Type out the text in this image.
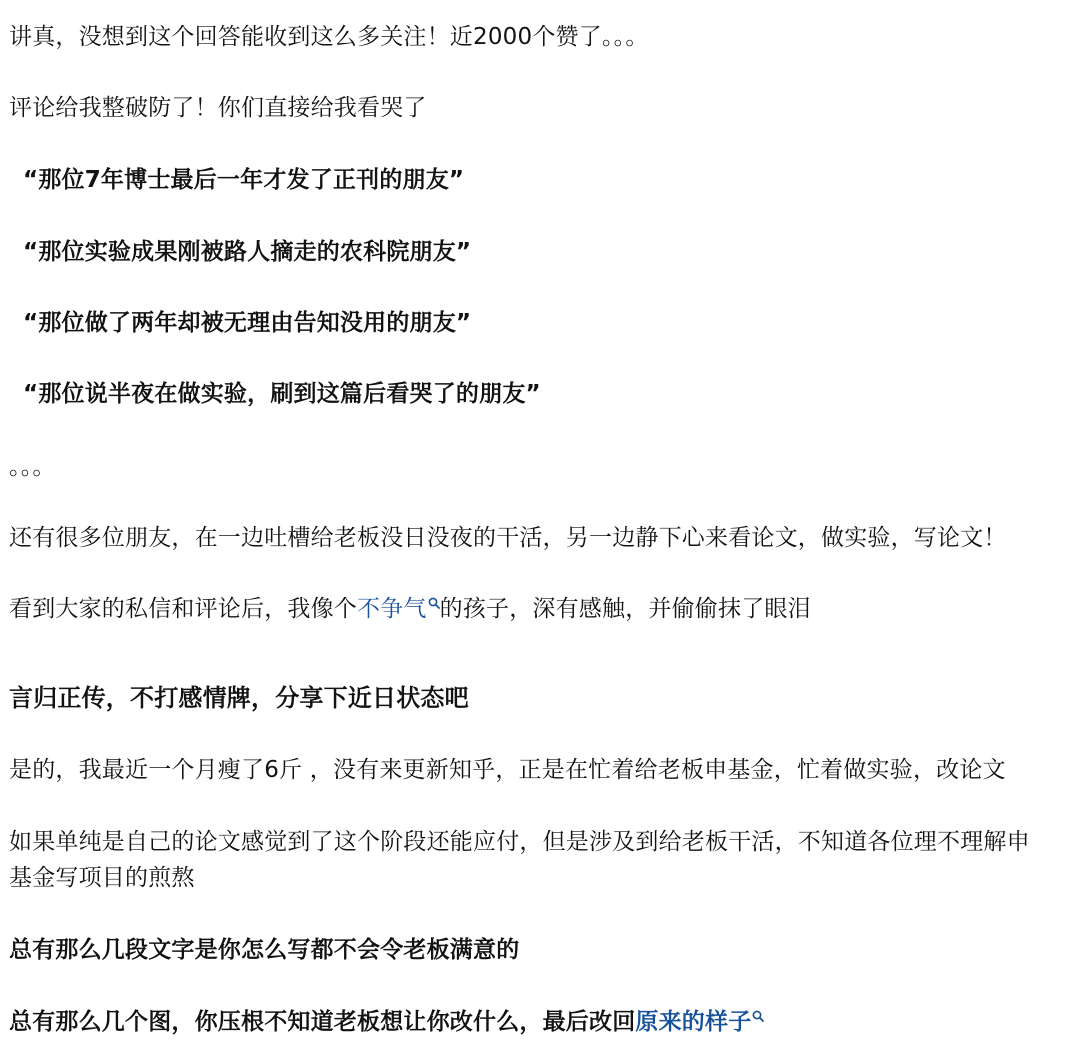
讲真，没想到这个回答能收到这么多关注！近2000个赞了。。。
评论给我整破防了！你们直接给我看哭了
“那位7年博士最后一年才发了正刊的朋友”
“那位实验成果刚被路人摘走的农科院朋友”
“那位做了两年却被无理由告知没用的朋友”
“那位说半夜在做实验，刷到这篇后看哭了的朋友”
。。。
还有很多位朋友，在一边吐槽给老板没日没夜的干活，另一边静下心来看论文，做实验，写论文！
看到大家的私信和评论后，我像个不争气 的孩子，深有感触，并偷偷抹了眼泪
言归正传，不打感情牌，分享下近日状态吧
是的，我最近一个月瘦了6斤 ，没有来更新知乎，正是在忙着给老板申基金，忙着做实验，改论文
如果单纯是自己的论文感觉到了这个阶段还能应付，但是涉及到给老板干活，不知道各位理不理解申基金写项目的煎熬
总有那么几段文字是你怎么写都不会令老板满意的
总有那么几个图，你压根不知道老板想让你改什么，最后改回原来的样子
